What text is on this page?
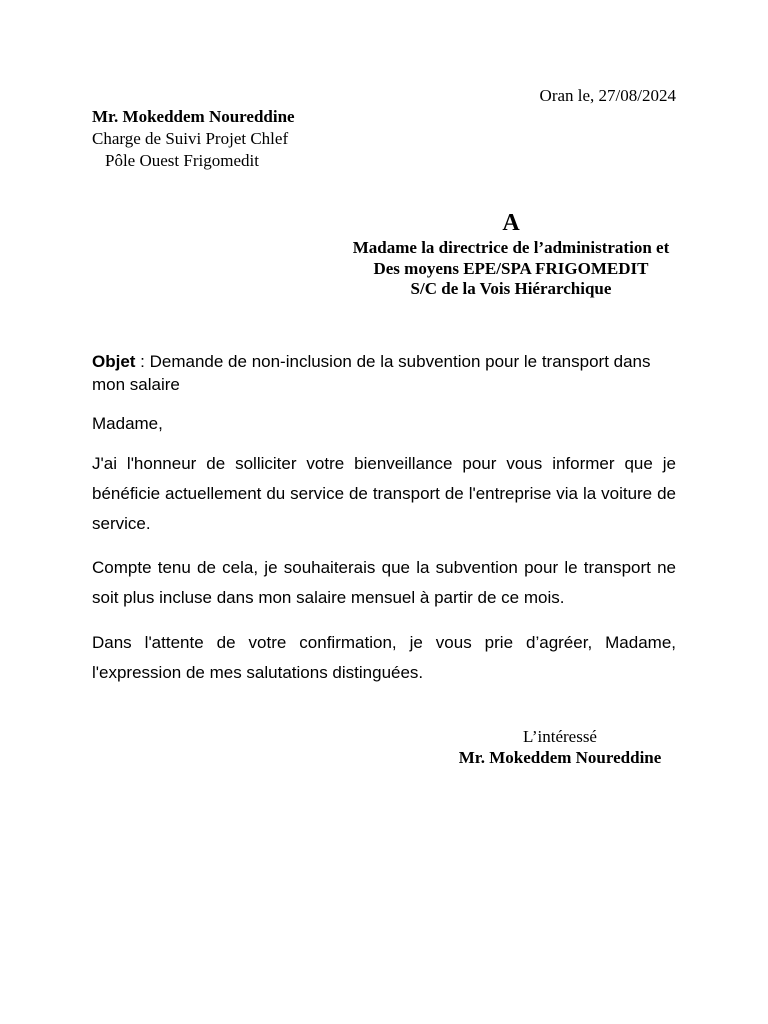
Oran le, 27/08/2024
Mr. Mokeddem Noureddine
Charge de Suivi Projet Chlef
Pôle Ouest Frigomedit
A
Madame la directrice de l’administration et
Des moyens EPE/SPA FRIGOMEDIT
S/C de la Vois Hiérarchique
Objet : Demande de non-inclusion de la subvention pour le transport dans mon salaire
Madame,
J'ai l'honneur de solliciter votre bienveillance pour vous informer que je bénéficie actuellement du service de transport de l'entreprise via la voiture de service.
Compte tenu de cela, je souhaiterais que la subvention pour le transport ne soit plus incluse dans mon salaire mensuel à partir de ce mois.
Dans l'attente de votre confirmation, je vous prie d’agréer, Madame, l'expression de mes salutations distinguées.
L’intéressé
Mr. Mokeddem Noureddine
